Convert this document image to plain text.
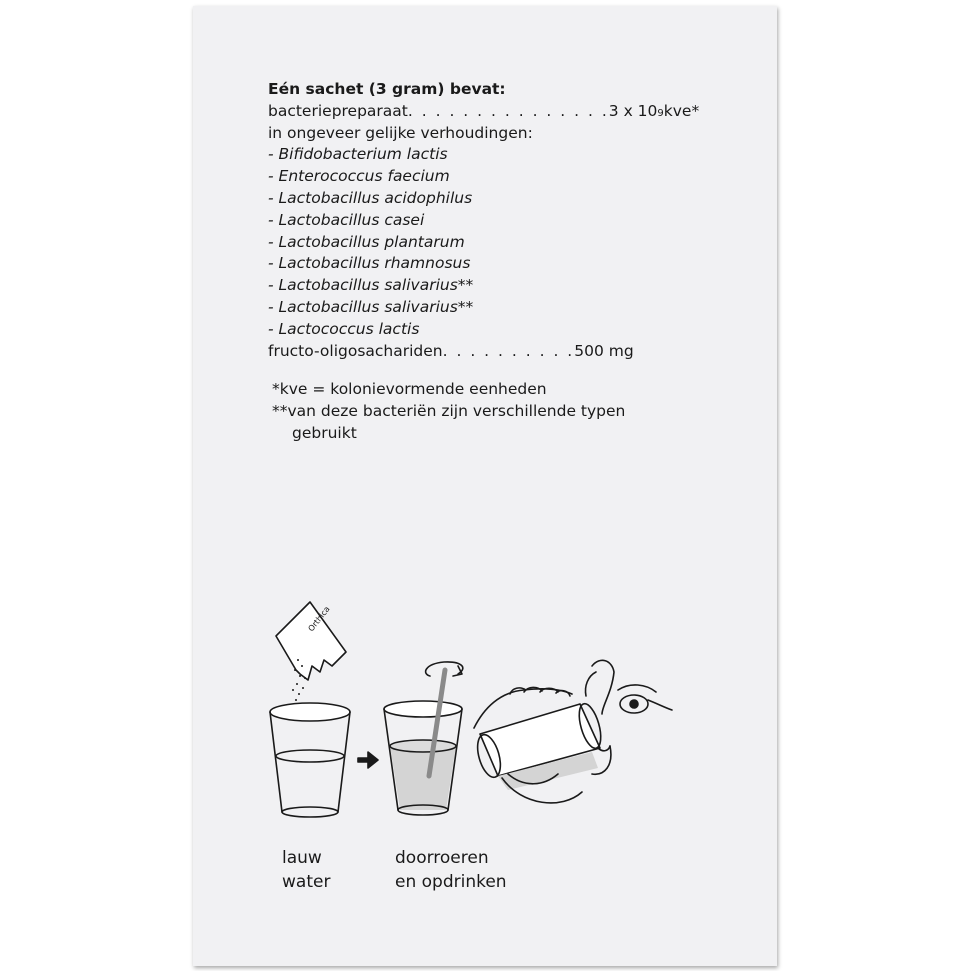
Eén sachet (3 gram) bevat:
bacteriepreparaat . . . . . . . . . . . . . . . 3 x 10 9 kve*
in ongeveer gelijke verhoudingen:
- Bifidobacterium lactis
- Enterococcus faecium
- Lactobacillus acidophilus
- Lactobacillus casei
- Lactobacillus plantarum
- Lactobacillus rhamnosus
- Lactobacillus salivarius**
- Lactobacillus salivarius**
- Lactococcus lactis
fructo-oligosachariden . . . . . . . . . . 500 mg
*kve = kolonievormende eenheden
**van deze bacteriën zijn verschillende typen
gebruikt
Orthica
lauw
water
doorroeren
en opdrinken
